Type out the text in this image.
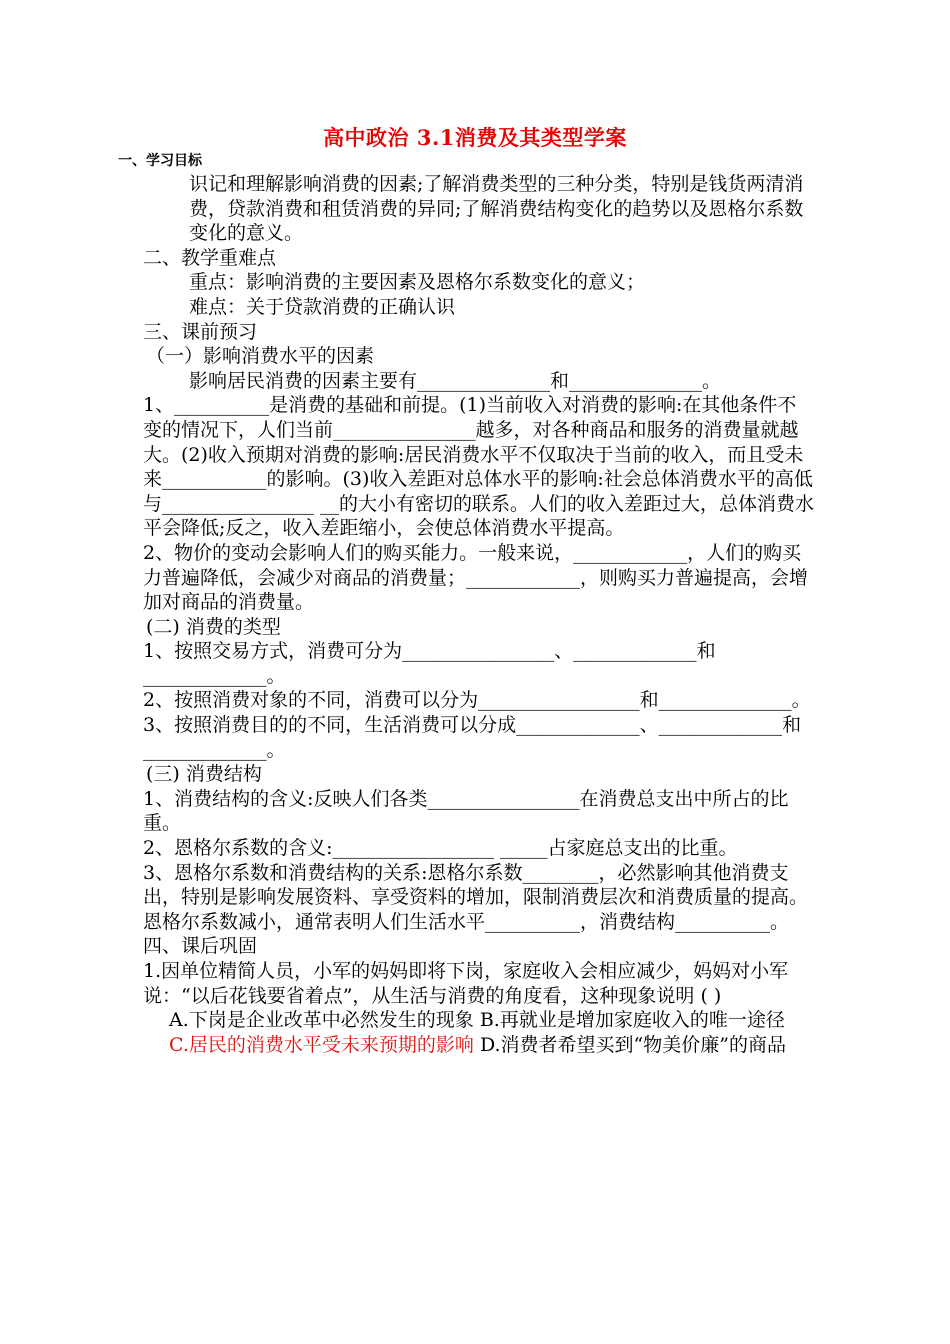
高中政治 3.1消费及其类型学案
一、学习目标

识记和理解影响消费的因素;了解消费类型的三种分类，特别是钱货两清消费，贷款消费和租赁消费的异同;了解消费结构变化的趋势以及恩格尔系数变化的意义。

二、教学重难点

重点：影响消费的主要因素及恩格尔系数变化的意义；

难点：关于贷款消费的正确认识

三、课前预习

（一）影响消费水平的因素

影响居民消费的因素主要有______________和______________。

1、__________是消费的基础和前提。(1)当前收入对消费的影响:在其他条件不变的情况下，人们当前_______________越多，对各种商品和服务的消费量就越大。(2)收入预期对消费的影响:居民消费水平不仅取决于当前的收入，而且受未来___________的影响。(3)收入差距对总体水平的影响:社会总体消费水平的高低与________________ __的大小有密切的联系。人们的收入差距过大，总体消费水平会降低;反之，收入差距缩小，会使总体消费水平提高。

2、物价的变动会影响人们的购买能力。一般来说，____________，人们的购买力普遍降低，会减少对商品的消费量；____________，则购买力普遍提高，会增加对商品的消费量。

(二) 消费的类型

1、按照交易方式，消费可分为________________、_____________和_____________。

2、按照消费对象的不同，消费可以分为_________________和______________。

3、按照消费目的的不同，生活消费可以分成_____________、_____________和_____________。

(三) 消费结构

1、消费结构的含义:反映人们各类________________在消费总支出中所占的比重。

2、恩格尔系数的含义:_________________ _____占家庭总支出的比重。

3、恩格尔系数和消费结构的关系:恩格尔系数________，必然影响其他消费支出，特别是影响发展资料、享受资料的增加，限制消费层次和消费质量的提高。恩格尔系数减小，通常表明人们生活水平__________，消费结构__________。

四、课后巩固

1.因单位精简人员，小军的妈妈即将下岗，家庭收入会相应减少，妈妈对小军说：“以后花钱要省着点”，从生活与消费的角度看，这种现象说明 ( )

A.下岗是企业改革中必然发生的现象 B.再就业是增加家庭收入的唯一途径

C.居民的消费水平受未来预期的影响 D.消费者希望买到“物美价廉”的商品
